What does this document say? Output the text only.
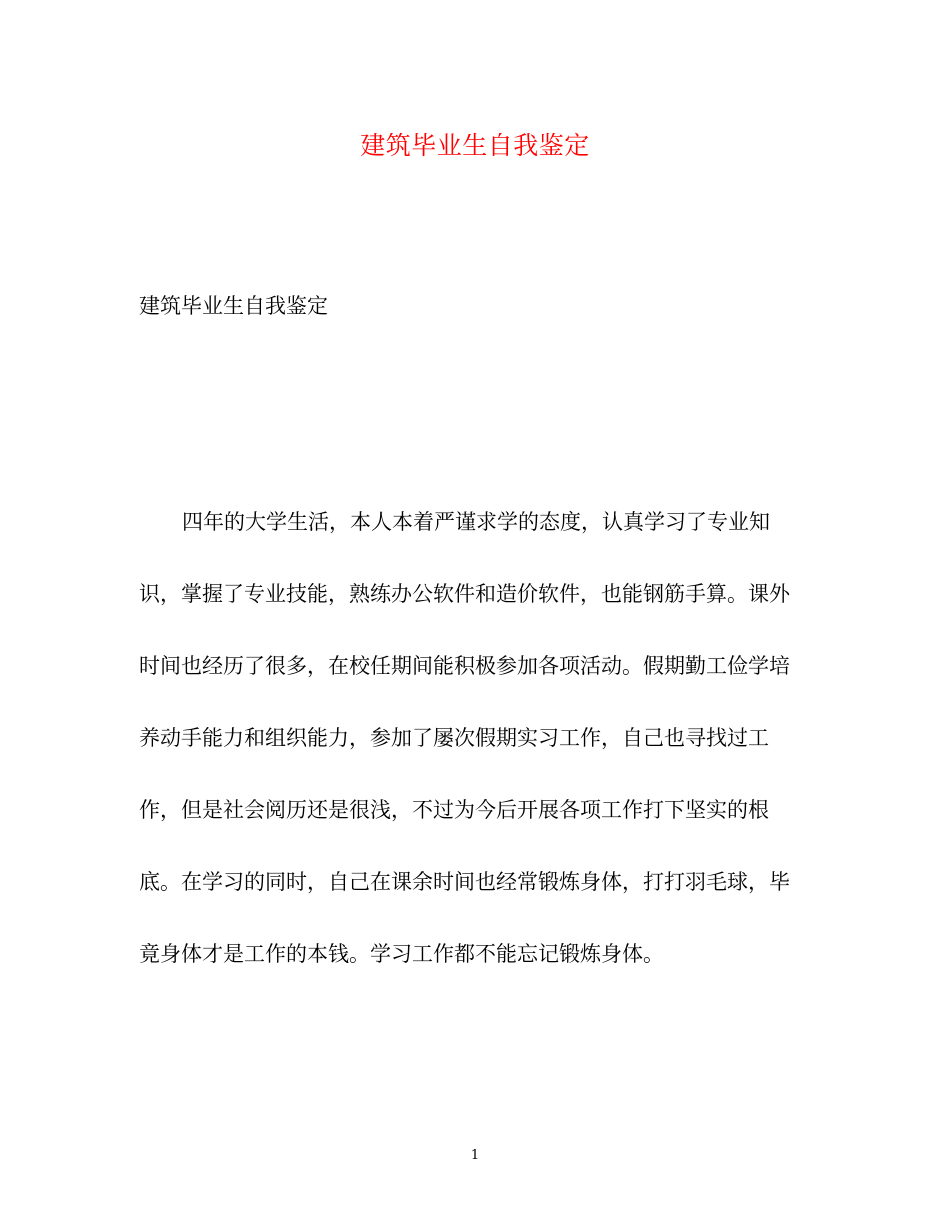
建筑毕业生自我鉴定
建筑毕业生自我鉴定
四年的大学生活，本人本着严谨求学的态度，认真学习了专业知
识，掌握了专业技能，熟练办公软件和造价软件，也能钢筋手算。课外
时间也经历了很多，在校任期间能积极参加各项活动。假期勤工俭学培
养动手能力和组织能力，参加了屡次假期实习工作，自己也寻找过工
作，但是社会阅历还是很浅，不过为今后开展各项工作打下坚实的根
底。在学习的同时，自己在课余时间也经常锻炼身体，打打羽毛球，毕
竟身体才是工作的本钱。学习工作都不能忘记锻炼身体。
1
